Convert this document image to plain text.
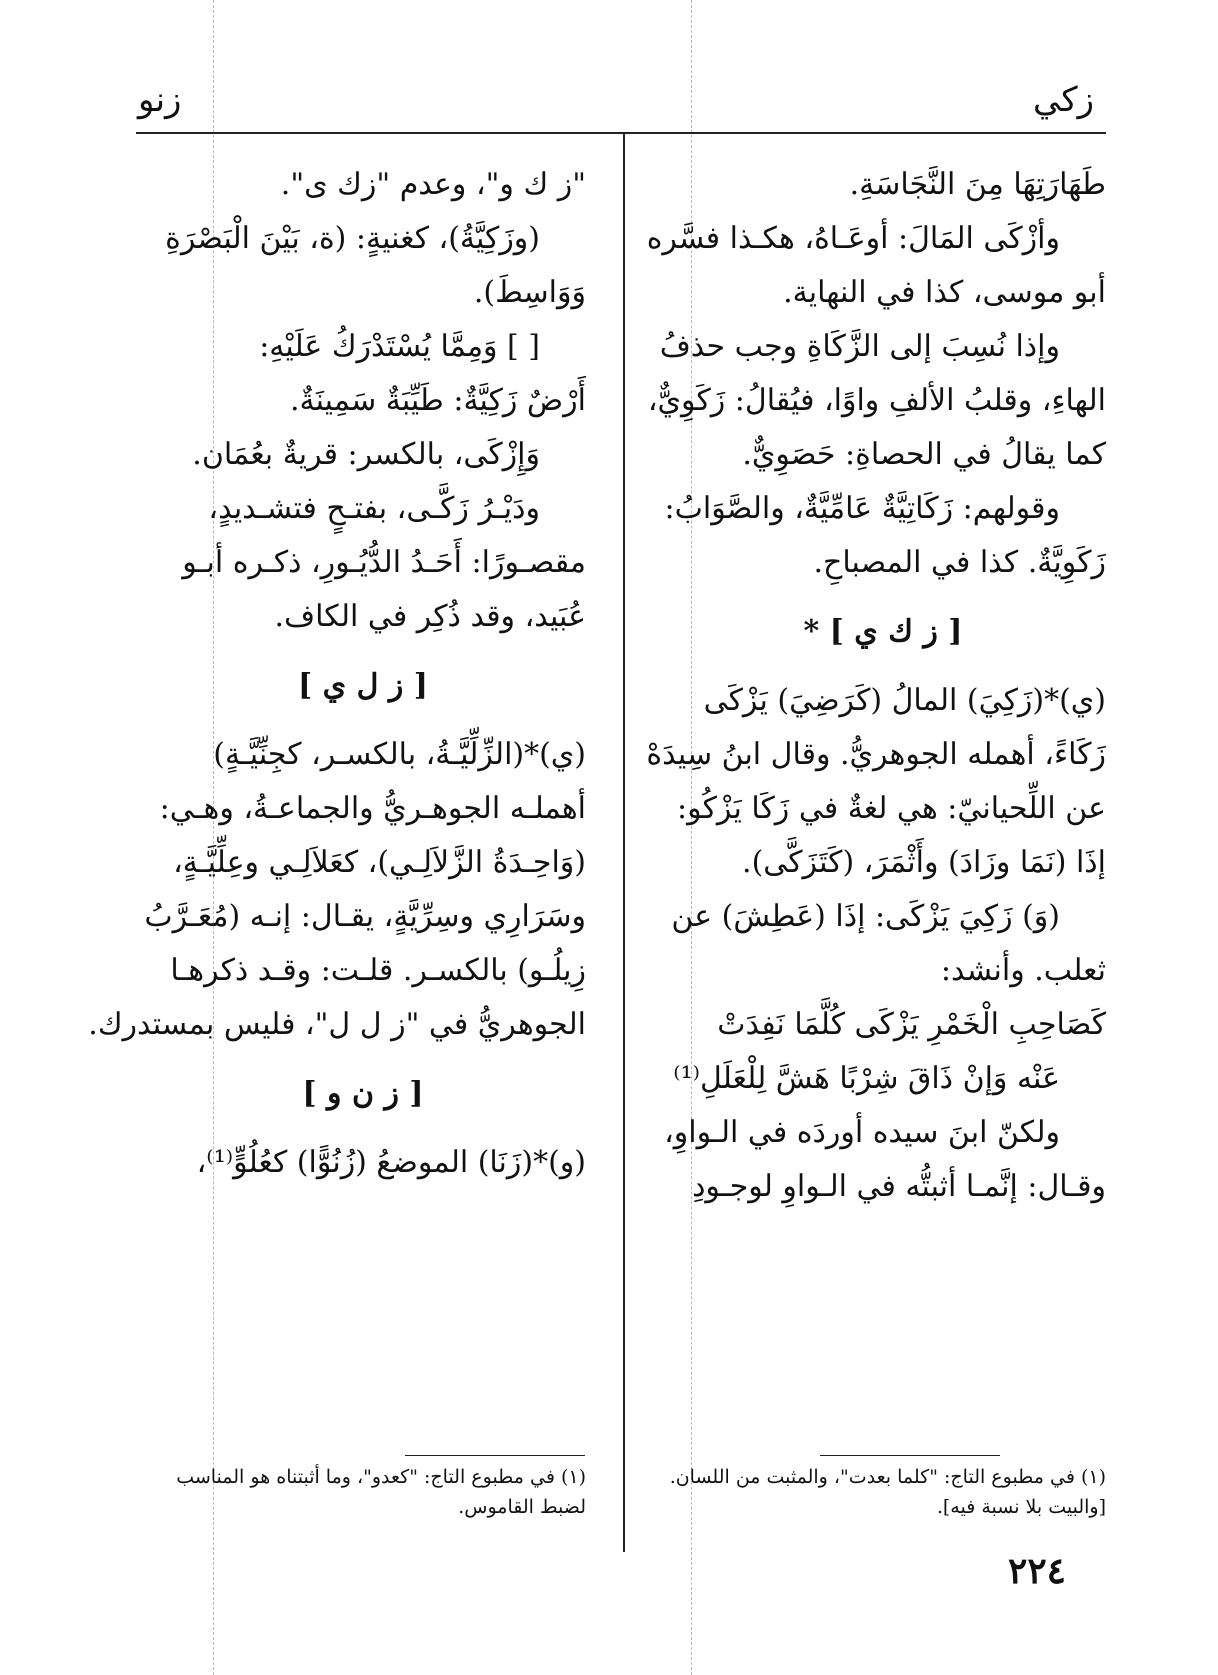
زكي
زنو

طَهَارَتِهَا مِنَ النَّجَاسَةِ.

وأزْكَى المَالَ: أوعَـاهُ، هكـذا فسَّره

أبو موسى، كذا في النهاية.

وإذا نُسِبَ إلى الزَّكَاةِ وجب حذفُ

الهاءِ، وقلبُ الألفِ واوًا، فيُقالُ: زَكَوِيٌّ،

كما يقالُ في الحصاةِ: حَصَوِيٌّ.

وقولهم: زَكَاتِيَّةٌ عَامِّيَّةٌ، والصَّوَابُ:

زَكَوِيَّةٌ. كذا في المصباحِ.

[ ز ك ي ] *

(ي)*(زَكِيَ) المالُ (كَرَضِيَ) يَزْكَى

زَكَاءً، أهمله الجوهريُّ. وقال ابنُ سِيدَهْ

عن اللِّحيانيّ: هي لغةٌ في زَكَا يَزْكُو:

إذَا (نَمَا وزَادَ) وأَثْمَرَ، (كَتَزَكَّى).

(وَ) زَكِيَ يَزْكَى: إذَا (عَطِشَ) عن

ثعلب. وأنشد:

كَصَاحِبِ الْخَمْرِ يَزْكَى كُلَّمَا نَفِدَتْ

عَنْه وَإنْ ذَاقَ شِرْبًا هَشَّ لِلْعَلَلِ⁽¹⁾

ولكنّ ابنَ سيده أوردَه في الـواوِ،

وقـال: إنَّمـا أثبتُّه في الـواوِ لوجـودِ

"ز ك و"، وعدم "زك ى".

(وزَكِيَّةُ)، كغنيةٍ: (ة، بَيْنَ الْبَصْرَةِ

وَوَاسِطَ).

[ ] وَمِمَّا يُسْتَدْرَكُ عَلَيْهِ:

أَرْضٌ زَكِيَّةٌ: طَيِّبَةٌ سَمِينَةٌ.

وَإِزْكَى، بالكسر: قريةٌ بعُمَان.

ودَيْـرُ زَكَّـى، بفتـحٍ فتشـديدٍ،

مقصـورًا: أَحَـدُ الدُّيُـورِ، ذكـره أبـو

عُبَيد، وقد ذُكِر في الكاف.

[ ز ل ي ]

(ي)*(الزِّلِّيَّـةُ، بالكسـر، كجِنِّيَّـةٍ)

أهملـه الجوهـريُّ والجماعـةُ، وهـي:

(وَاحِـدَةُ الزَّلاَلِـي)، كعَلاَلِـي وعِلِّيَّـةٍ،

وسَرَارِي وسِرِّيَّةٍ، يقـال: إنـه (مُعَـرَّبُ

زِيلُـو) بالكسـر. قلـت: وقـد ذكرهـا

الجوهريُّ في "ز ل ل"، فليس بمستدرك.

[ ز ن و ]

(و)*(زَنَا) الموضعُ (زُنُوًّا) كعُلُوٍّ⁽¹⁾،

(١) في مطبوع التاج: "كلما بعدت"، والمثبت من اللسان. [والبيت بلا نسبة فيه].
(١) في مطبوع التاج: "كعدو"، وما أثبتناه هو المناسب لضبط القاموس.
٢٢٤
